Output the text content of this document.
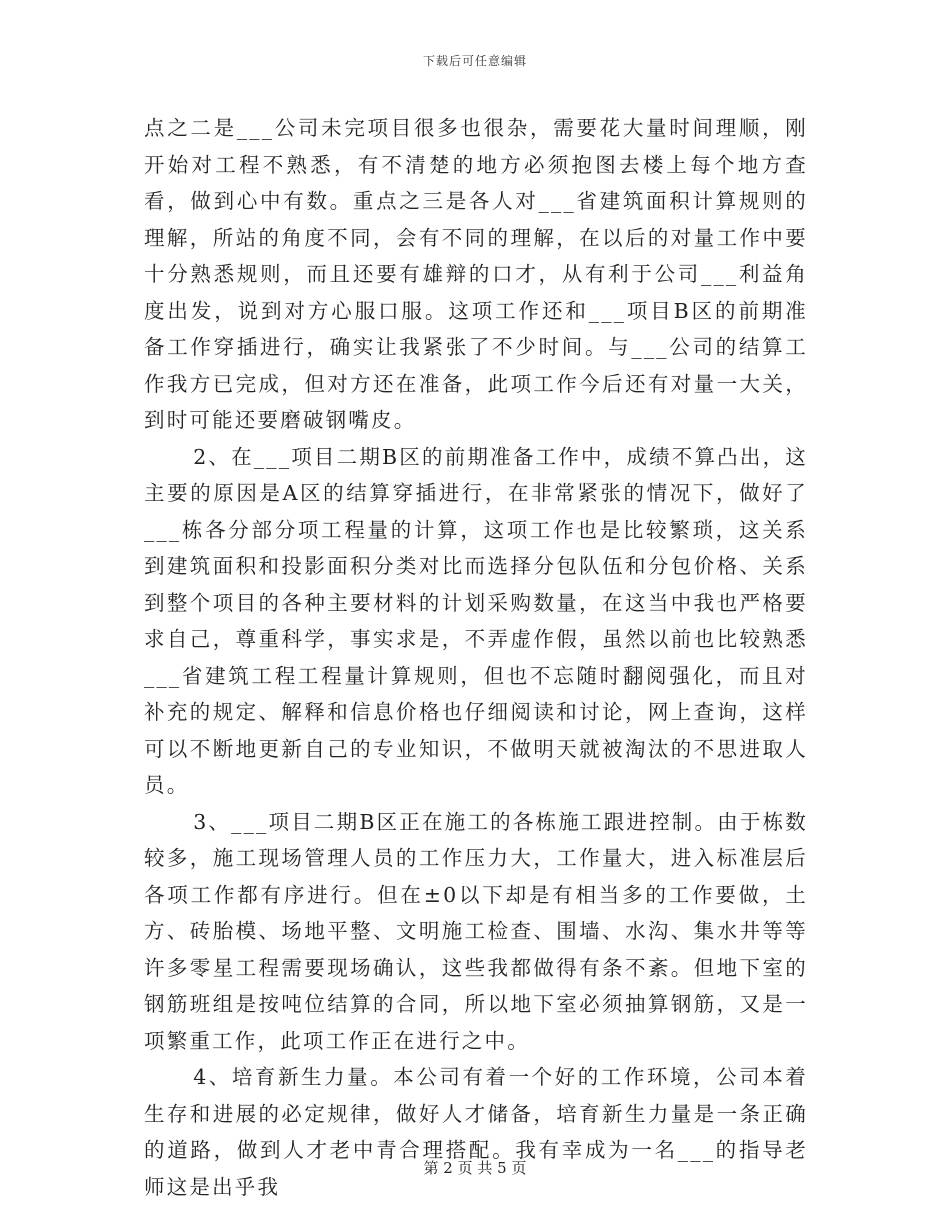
下载后可任意编辑

点之二是___公司未完项目很多也很杂，需要花大量时间理顺，刚开始对工程不熟悉，有不清楚的地方必须抱图去楼上每个地方查看，做到心中有数。重点之三是各人对___省建筑面积计算规则的理解，所站的角度不同，会有不同的理解，在以后的对量工作中要十分熟悉规则，而且还要有雄辩的口才，从有利于公司___利益角度出发，说到对方心服口服。这项工作还和___项目B区的前期准备工作穿插进行，确实让我紧张了不少时间。与___公司的结算工作我方已完成，但对方还在准备，此项工作今后还有对量一大关，到时可能还要磨破钢嘴皮。

2、在___项目二期B区的前期准备工作中，成绩不算凸出，这主要的原因是A区的结算穿插进行，在非常紧张的情况下，做好了___栋各分部分项工程量的计算，这项工作也是比较繁琐，这关系到建筑面积和投影面积分类对比而选择分包队伍和分包价格、关系到整个项目的各种主要材料的计划采购数量，在这当中我也严格要求自己，尊重科学，事实求是，不弄虚作假，虽然以前也比较熟悉___省建筑工程工程量计算规则，但也不忘随时翻阅强化，而且对补充的规定、解释和信息价格也仔细阅读和讨论，网上查询，这样可以不断地更新自己的专业知识，不做明天就被淘汰的不思进取人员。

3、___项目二期B区正在施工的各栋施工跟进控制。由于栋数较多，施工现场管理人员的工作压力大，工作量大，进入标准层后各项工作都有序进行。但在±0以下却是有相当多的工作要做，土方、砖胎模、场地平整、文明施工检查、围墙、水沟、集水井等等许多零星工程需要现场确认，这些我都做得有条不紊。但地下室的钢筋班组是按吨位结算的合同，所以地下室必须抽算钢筋，又是一项繁重工作，此项工作正在进行之中。

4、培育新生力量。本公司有着一个好的工作环境，公司本着生存和进展的必定规律，做好人才储备，培育新生力量是一条正确的道路，做到人才老中青合理搭配。我有幸成为一名___的指导老师这是出乎我

第 2 页 共 5 页
